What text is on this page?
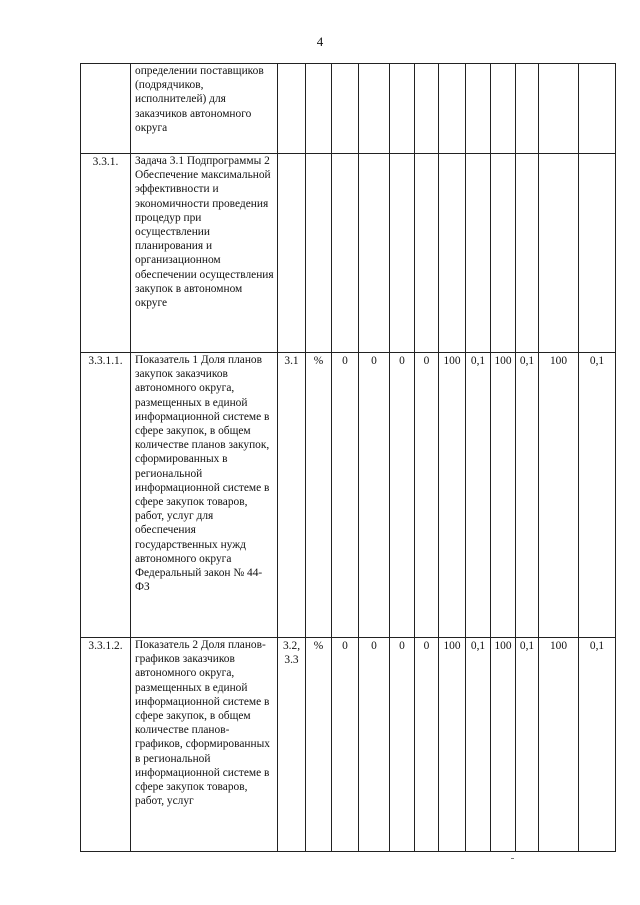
4
	определении поставщиков (подрядчиков, исполнителей) для заказчиков автономного округа												
3.3.1.	Задача 3.1 Подпрограммы 2 Обеспечение максимальной эффективности и экономичности проведения процедур при осуществлении планирования и организационном обеспечении осуществления закупок в автономном округе												
3.3.1.1.	Показатель 1 Доля планов закупок заказчиков автономного округа, размещенных в единой информационной системе в сфере закупок, в общем количестве планов закупок, сформированных в региональной информационной системе в сфере закупок товаров, работ, услуг для обеспечения государственных нужд автономного округа Федеральный закон № 44-ФЗ	3.1	%	0	0	0	0	100	0,1	100	0,1	100	0,1
3.3.1.2.	Показатель 2 Доля планов-графиков заказчиков автономного округа, размещенных в единой информационной системе в сфере закупок, в общем количестве планов-графиков, сформированных в региональной информационной системе в сфере закупок товаров, работ, услуг	3.2, 3.3	%	0	0	0	0	100	0,1	100	0,1	100	0,1
